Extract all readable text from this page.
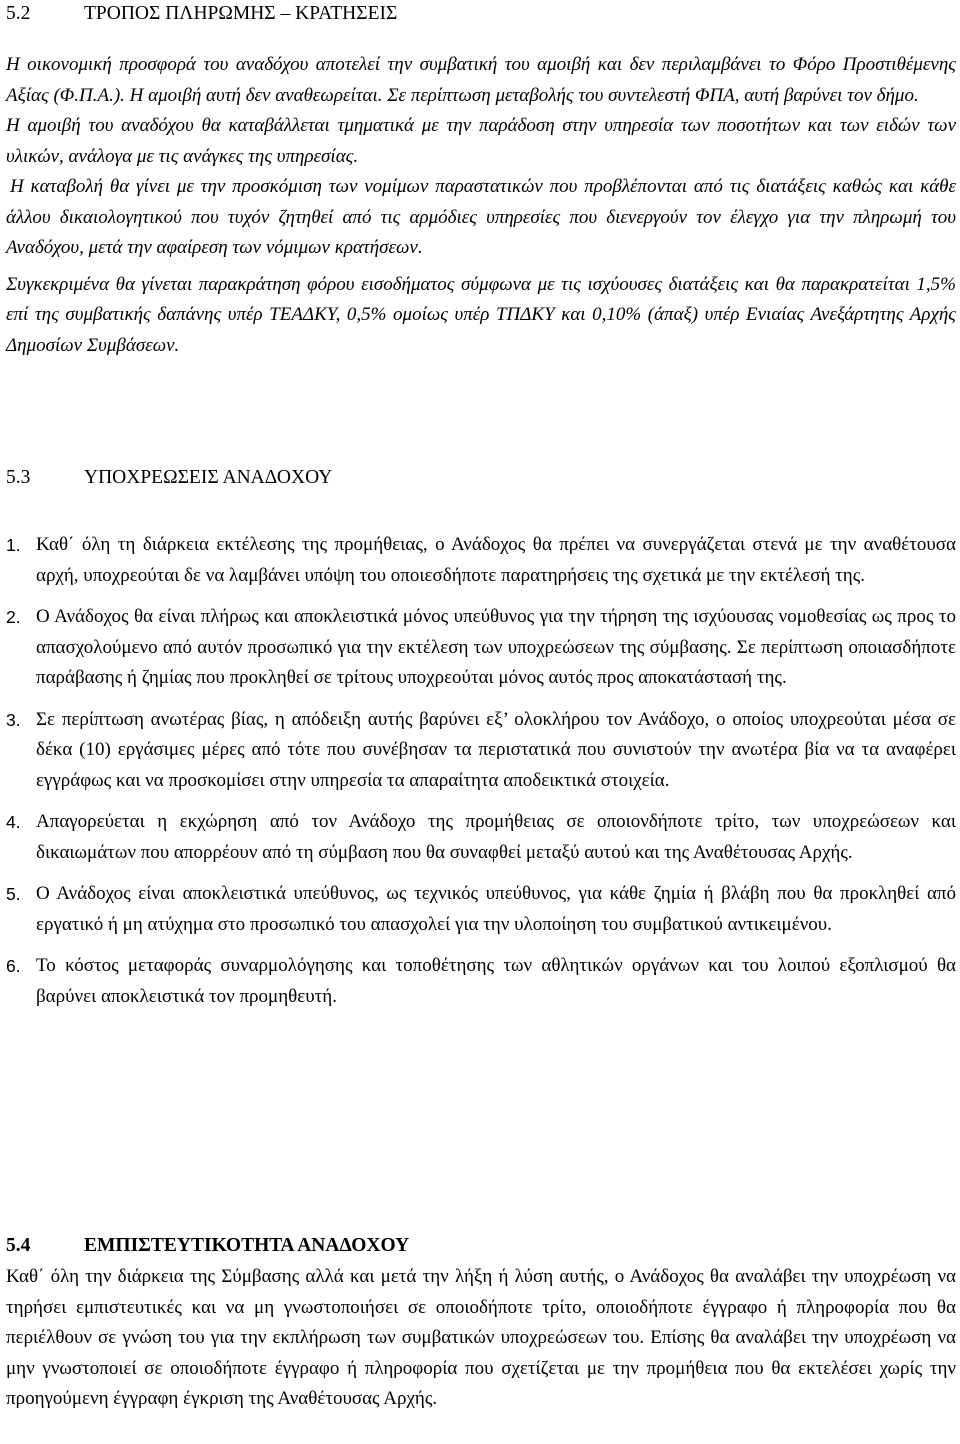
5.2	ΤΡΟΠΟΣ ΠΛΗΡΩΜΗΣ – ΚΡΑΤΗΣΕΙΣ

Η οικονομική προσφορά του αναδόχου αποτελεί την συμβατική του αμοιβή και δεν περιλαμβάνει το Φόρο Προστιθέμενης Αξίας (Φ.Π.Α.). Η αμοιβή αυτή δεν αναθεωρείται. Σε περίπτωση μεταβολής του συντελεστή ΦΠΑ, αυτή βαρύνει τον δήμο.

Η αμοιβή του αναδόχου θα καταβάλλεται τμηματικά με την παράδοση στην υπηρεσία των ποσοτήτων και των ειδών των υλικών, ανάλογα με τις ανάγκες της υπηρεσίας.

Η καταβολή θα γίνει με την προσκόμιση των νομίμων παραστατικών που προβλέπονται από τις διατάξεις καθώς και κάθε άλλου δικαιολογητικού που τυχόν ζητηθεί από τις αρμόδιες υπηρεσίες που διενεργούν τον έλεγχο για την πληρωμή του Αναδόχου, μετά την αφαίρεση των νόμιμων κρατήσεων.

Συγκεκριμένα θα γίνεται παρακράτηση φόρου εισοδήματος σύμφωνα με τις ισχύουσες διατάξεις και θα παρακρατείται 1,5% επί της συμβατικής δαπάνης υπέρ ΤΕΑΔΚΥ, 0,5% ομοίως υπέρ ΤΠΔΚΥ και 0,10% (άπαξ) υπέρ Ενιαίας Ανεξάρτητης Αρχής Δημοσίων Συμβάσεων.

5.3	ΥΠΟΧΡΕΩΣΕΙΣ ΑΝΑΔΟΧΟΥ
1. Καθ΄ όλη τη διάρκεια εκτέλεσης της προμήθειας, ο Ανάδοχος θα πρέπει να συνεργάζεται στενά με την αναθέτουσα αρχή, υποχρεούται δε να λαμβάνει υπόψη του οποιεσδήποτε παρατηρήσεις της σχετικά με την εκτέλεσή της.
2. Ο Ανάδοχος θα είναι πλήρως και αποκλειστικά μόνος υπεύθυνος για την τήρηση της ισχύουσας νομοθεσίας ως προς το απασχολούμενο από αυτόν προσωπικό για την εκτέλεση των υποχρεώσεων της σύμβασης. Σε περίπτωση οποιασδήποτε παράβασης ή ζημίας που προκληθεί σε τρίτους υποχρεούται μόνος αυτός προς αποκατάστασή της.
3. Σε περίπτωση ανωτέρας βίας, η απόδειξη αυτής βαρύνει εξ’ ολοκλήρου τον Ανάδοχο, ο οποίος υποχρεούται μέσα σε δέκα (10) εργάσιμες μέρες από τότε που συνέβησαν τα περιστατικά που συνιστούν την ανωτέρα βία να τα αναφέρει εγγράφως και να προσκομίσει στην υπηρεσία τα απαραίτητα αποδεικτικά στοιχεία.
4. Απαγορεύεται η εκχώρηση από τον Ανάδοχο της προμήθειας σε οποιονδήποτε τρίτο, των υποχρεώσεων και δικαιωμάτων που απορρέουν από τη σύμβαση που θα συναφθεί μεταξύ αυτού και της Αναθέτουσας Αρχής.
5. Ο Ανάδοχος είναι αποκλειστικά υπεύθυνος, ως τεχνικός υπεύθυνος, για κάθε ζημία ή βλάβη που θα προκληθεί από εργατικό ή μη ατύχημα στο προσωπικό του απασχολεί για την υλοποίηση του συμβατικού αντικειμένου.
6. Το κόστος μεταφοράς συναρμολόγησης και τοποθέτησης των αθλητικών οργάνων και του λοιπού εξοπλισμού θα βαρύνει αποκλειστικά τον προμηθευτή.
5.4	ΕΜΠΙΣΤΕΥΤΙΚΟΤΗΤΑ ΑΝΑΔΟΧΟΥ

Καθ΄ όλη την διάρκεια της Σύμβασης αλλά και μετά την λήξη ή λύση αυτής, ο Ανάδοχος θα αναλάβει την υποχρέωση να τηρήσει εμπιστευτικές και να μη γνωστοποιήσει σε οποιοδήποτε τρίτο, οποιοδήποτε έγγραφο ή πληροφορία που θα περιέλθουν σε γνώση του για την εκπλήρωση των συμβατικών υποχρεώσεων του. Επίσης θα αναλάβει την υποχρέωση να μην γνωστοποιεί σε οποιοδήποτε έγγραφο ή πληροφορία που σχετίζεται με την προμήθεια που θα εκτελέσει χωρίς την προηγούμενη έγγραφη έγκριση της Αναθέτουσας Αρχής.
